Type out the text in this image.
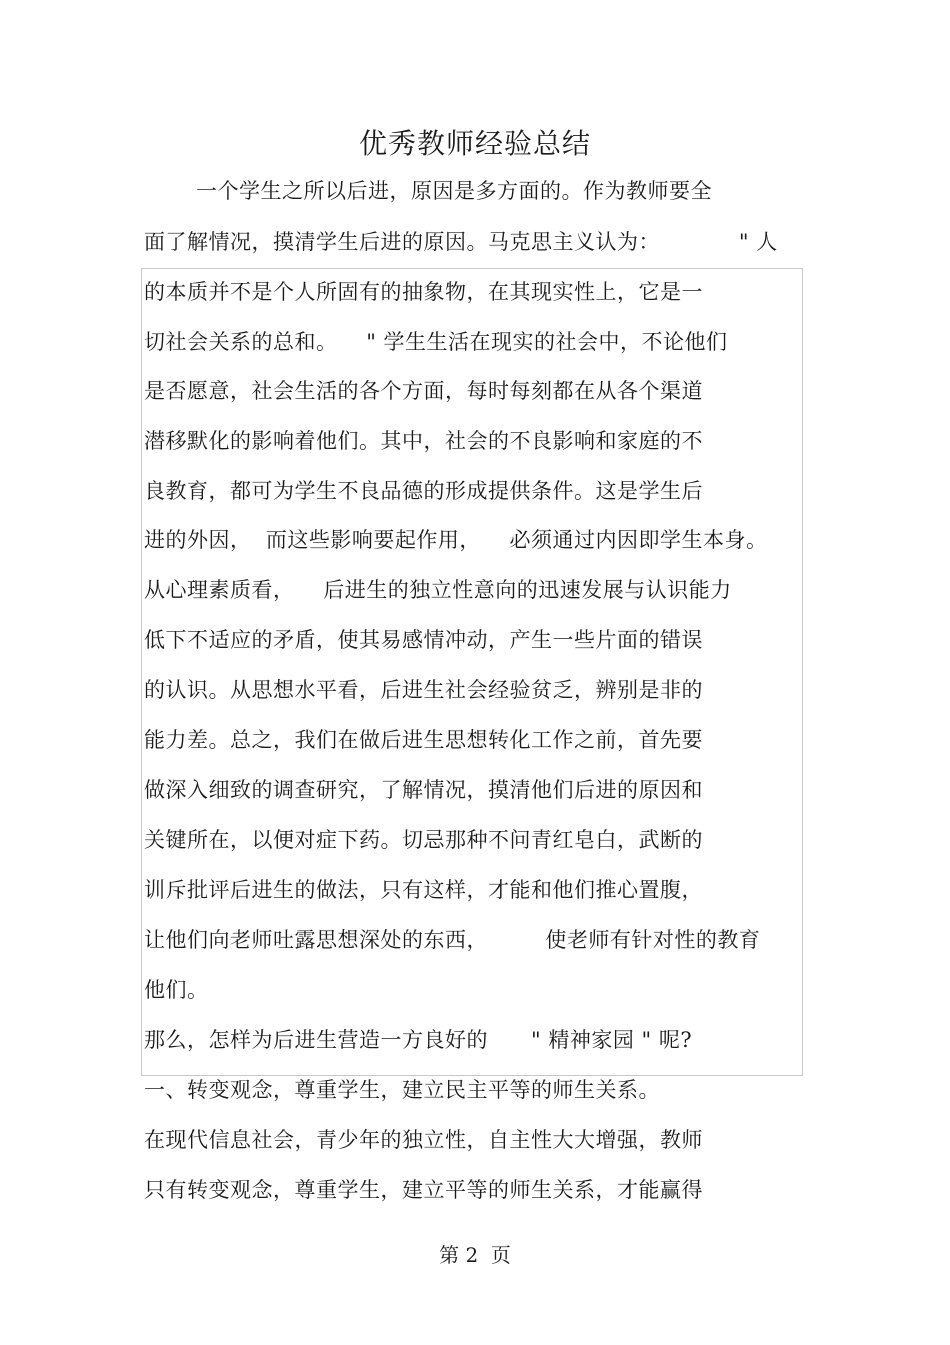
优秀教师经验总结
一个学生之所以后进，原因是多方面的。作为教师要全
面了解情况，摸清学生后进的原因。马克思主义认为：           " 人
的本质并不是个人所固有的抽象物，在其现实性上，它是一
切社会关系的总和。    " 学生生活在现实的社会中，不论他们
是否愿意，社会生活的各个方面，每时每刻都在从各个渠道
潜移默化的影响着他们。其中，社会的不良影响和家庭的不
良教育，都可为学生不良品德的形成提供条件。这是学生后
进的外因，  而这些影响要起作用，    必须通过内因即学生本身。
从心理素质看，    后进生的独立性意向的迅速发展与认识能力
低下不适应的矛盾，使其易感情冲动，产生一些片面的错误
的认识。从思想水平看，后进生社会经验贫乏，辨别是非的
能力差。总之，我们在做后进生思想转化工作之前，首先要
做深入细致的调查研究，了解情况，摸清他们后进的原因和
关键所在，以便对症下药。切忌那种不问青红皂白，武断的
训斥批评后进生的做法，只有这样，才能和他们推心置腹，
让他们向老师吐露思想深处的东西，        使老师有针对性的教育
他们。
那么，怎样为后进生营造一方良好的      " 精神家园 " 呢?
一、转变观念，尊重学生，建立民主平等的师生关系。
在现代信息社会，青少年的独立性，自主性大大增强，教师
只有转变观念，尊重学生，建立平等的师生关系，才能赢得
第 2  页
